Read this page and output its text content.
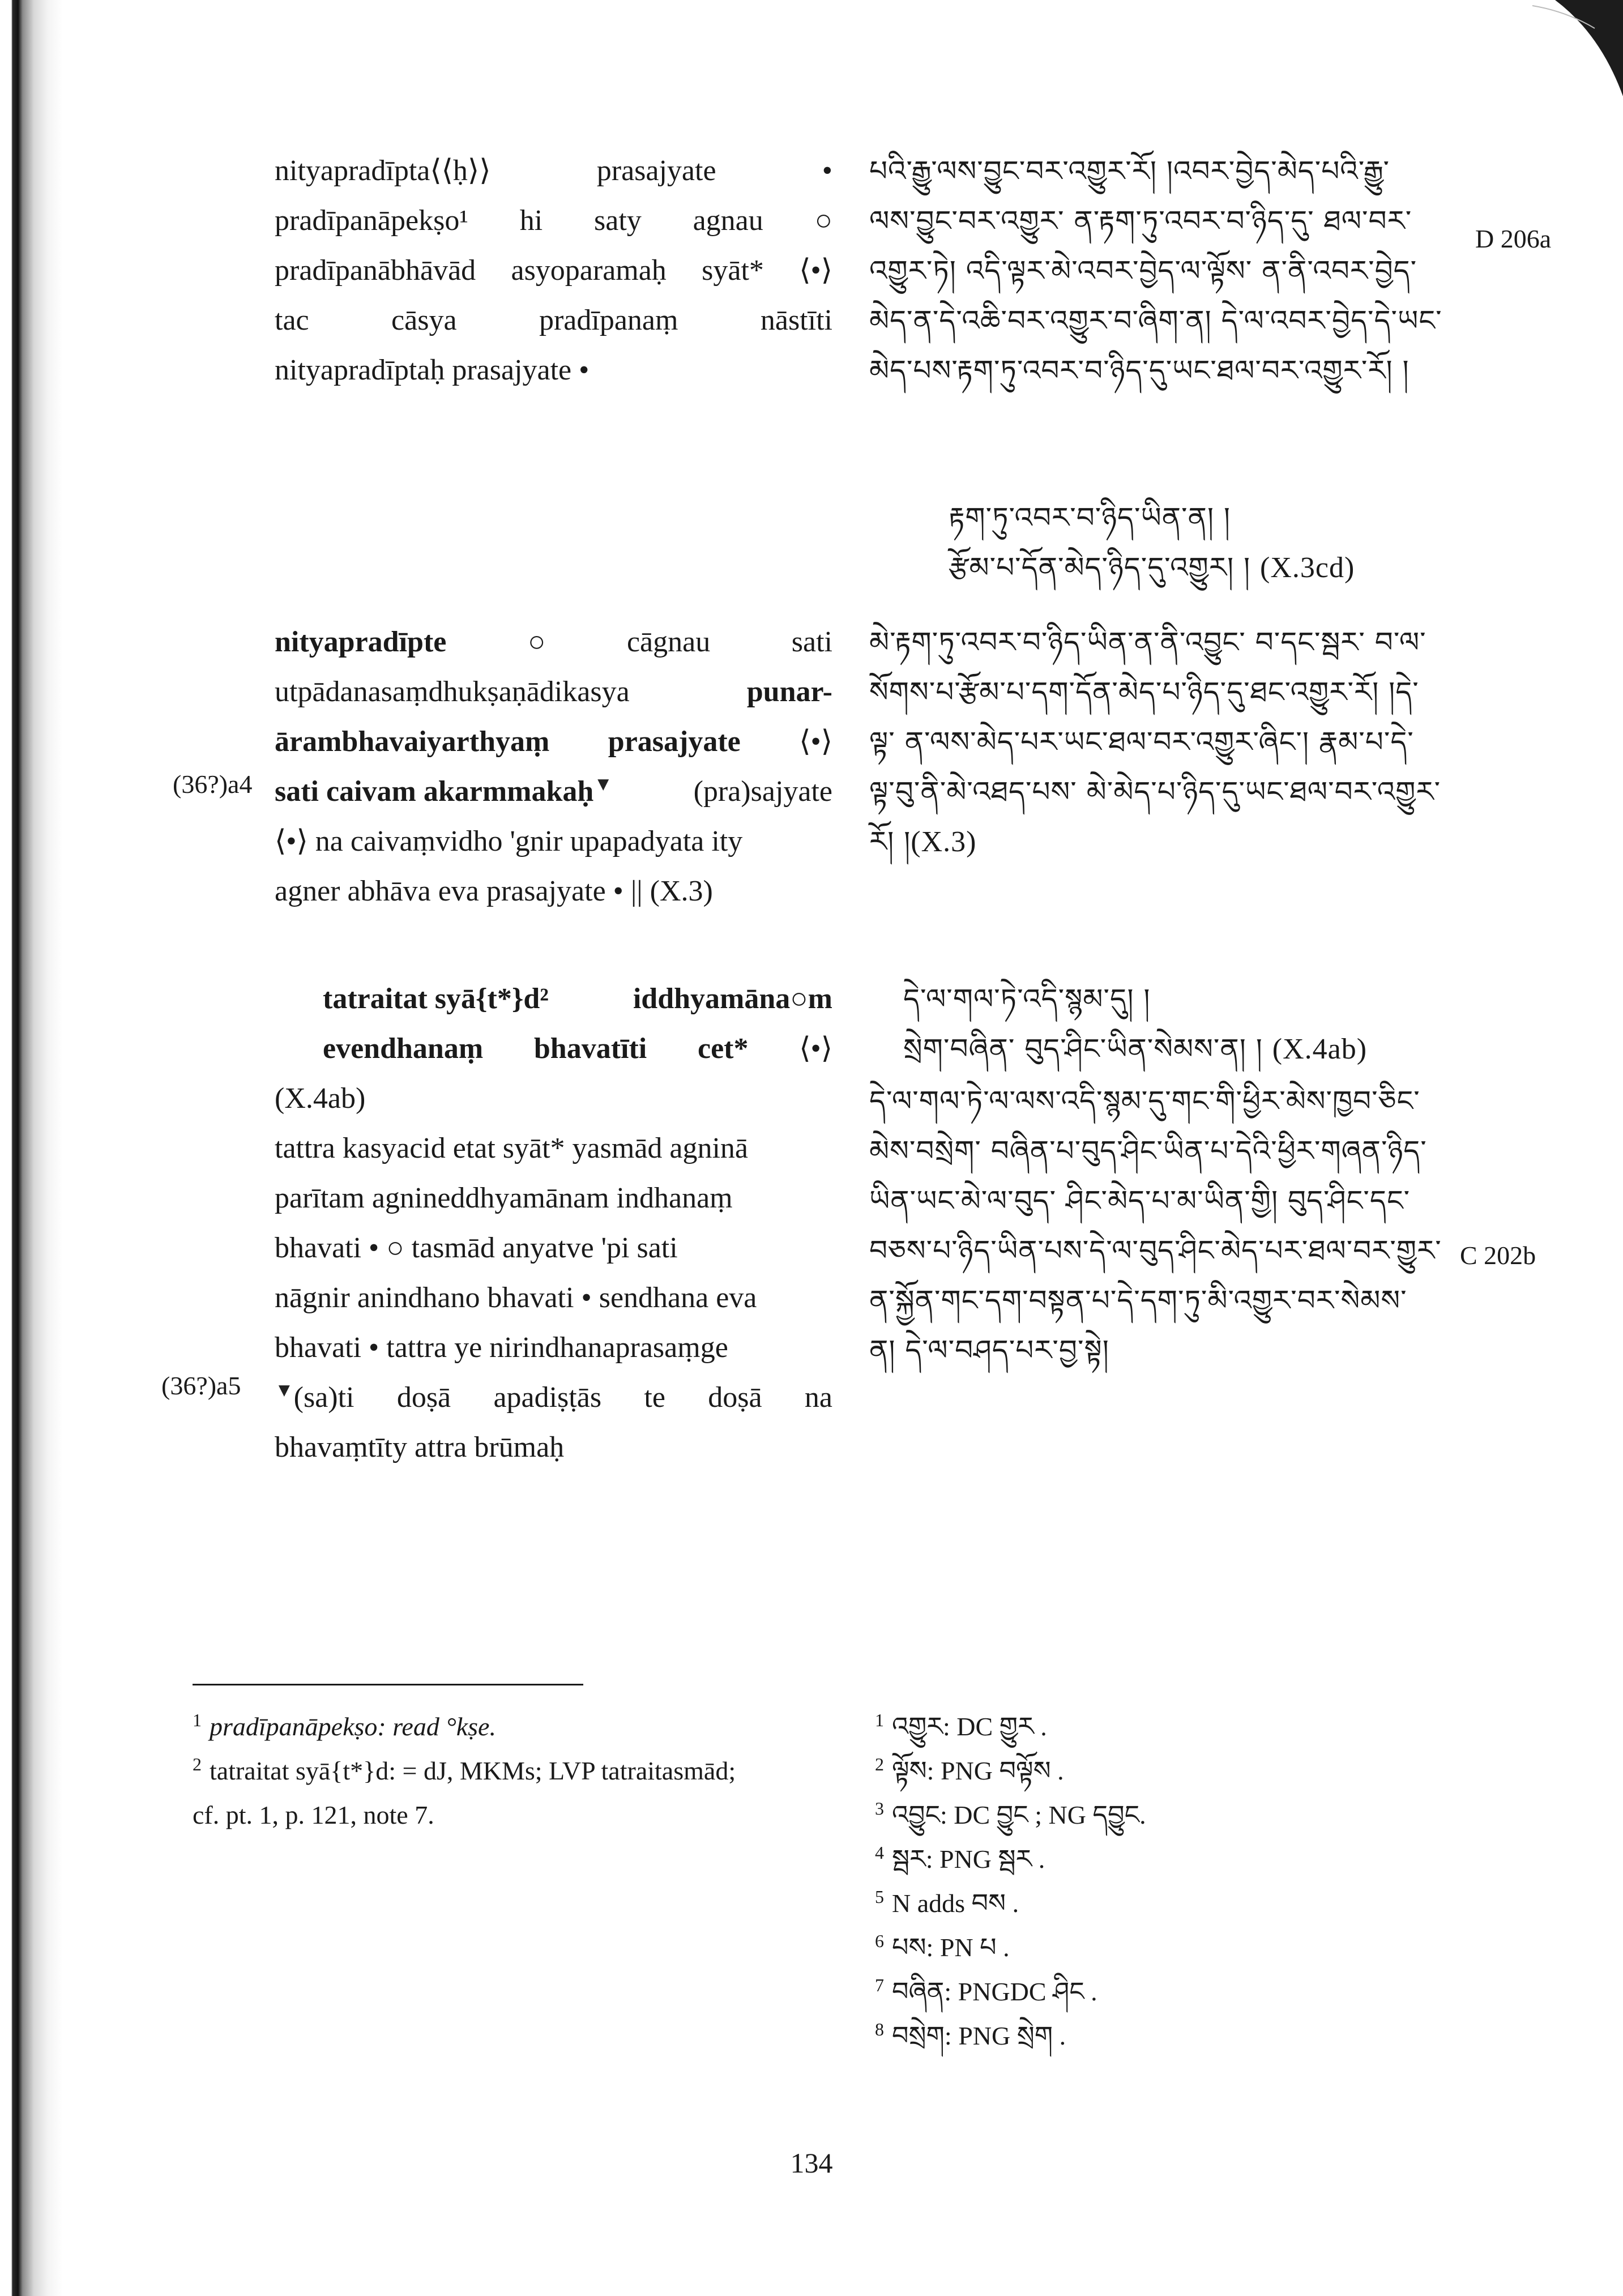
nityapradīpta⟨⟨ḥ⟩⟩	prasajyate	•
pradīpanāpekṣo¹ hi saty agnau ○
pradīpanābhāvād asyoparamaḥ syāt* ⟨•⟩
tac	cāsya	pradīpanaṃ	nāstīti
nityapradīptaḥ prasajyate •
nityapradīpte	○	cāgnau	sati
utpādanasaṃdhukṣaṇādikasya	punar-
ārambhavaiyarthyaṃ prasajyate ⟨•⟩
sati caivam akarmmakaḥ▼	(pra)sajyate
⟨•⟩ na caivaṃvidho 'gnir upapadyata ity
agner abhāva eva prasajyate • || (X.3)
tatraitat syā{t*}d²	iddhyamāna○m
evendhanaṃ bhavatīti cet* ⟨•⟩
(X.4ab)
tattra kasyacid etat syāt* yasmād agninā
parītam agnineddhyamānam indhanaṃ
bhavati • ○ tasmād anyatve 'pi sati
nāgnir anindhano bhavati • sendhana eva
bhavati • tattra ye nirindhanaprasaṃge
▼(sa)ti doṣā apadiṣṭās te doṣā na
bhavaṃtīty attra brūmaḥ
(36?)a4
(36?)a5
D 206a
C 202b
པའི་རྒྱུ་ལས་བྱུང་བར་འགྱུར་རོ། །འབར་བྱེད་མེད་པའི་རྒྱུ་
ལས་བྱུང་བར་འགྱུར་ ན་རྟག་ཏུ་འབར་བ་ཉིད་དུ་ ཐལ་བར་
འགྱུར་ཏེ། འདི་ལྟར་མེ་འབར་བྱེད་ལ་ལྟོས་ ན་ནི་འབར་བྱེད་
མེད་ན་དེ་འཆི་བར་འགྱུར་བ་ཞིག་ན། དེ་ལ་འབར་བྱེད་དེ་ཡང་
མེད་པས་རྟག་ཏུ་འབར་བ་ཉིད་དུ་ཡང་ཐལ་བར་འགྱུར་རོ། །
རྟག་ཏུ་འབར་བ་ཉིད་ཡིན་ན། །
རྩོམ་པ་དོན་མེད་ཉིད་དུ་འགྱུར། ། (X.3cd)
མེ་རྟག་ཏུ་འབར་བ་ཉིད་ཡིན་ན་ནི་འབྱུང་ བ་དང་སྦར་ བ་ལ་
སོགས་པ་རྩོམ་པ་དག་དོན་མེད་པ་ཉིད་དུ་ཐང་འགྱུར་རོ། །དེ་
ལྟ་ ན་ལས་མེད་པར་ཡང་ཐལ་བར་འགྱུར་ཞིང་། རྣམ་པ་དེ་
ལྟ་བུ་ནི་མེ་འཐད་པས་ མེ་མེད་པ་ཉིད་དུ་ཡང་ཐལ་བར་འགྱུར་
རོ། །(X.3)
དེ་ལ་གལ་ཏེ་འདི་སྙམ་དུ། །
སྲེག་བཞིན་ བུད་ཤིང་ཡིན་སེམས་ན། ། (X.4ab)
དེ་ལ་གལ་ཏེ་ལ་ལས་འདི་སྙམ་དུ་གང་གི་ཕྱིར་མེས་ཁྱབ་ཅིང་
མེས་བསྲེག་ བཞིན་པ་བུད་ཤིང་ཡིན་པ་དེའི་ཕྱིར་གཞན་ཉིད་
ཡིན་ཡང་མེ་ལ་བུད་ ཤིང་མེད་པ་མ་ཡིན་གྱི། བུད་ཤིང་དང་
བཅས་པ་ཉིད་ཡིན་པས་དེ་ལ་བུད་ཤིང་མེད་པར་ཐལ་བར་གྱུར་
ན་སྐྱོན་གང་དག་བསྟན་པ་དེ་དག་ཏུ་མི་འགྱུར་བར་སེམས་
ན། དེ་ལ་བཤད་པར་བྱ་སྟེ།
$^1$ pradīpanāpekṣo: read °kṣe.
$^2$ tatraitat syā{t*}d: = dJ, MKMs; LVP tatraitasmād;
cf. pt. 1, p. 121, note 7.
$^1$ འགྱུར: DC གྱུར .
$^2$ ལྟོས: PNG བལྟོས .
$^3$ འབྱུང: DC བྱུང ; NG དབྱུང.
$^4$ སྦར: PNG སྦར .
$^5$ N adds བས .
$^6$ པས: PN པ .
$^7$ བཞིན: PNGDC ཤིང .
$^8$ བསྲེག: PNG སྲེག .
134
